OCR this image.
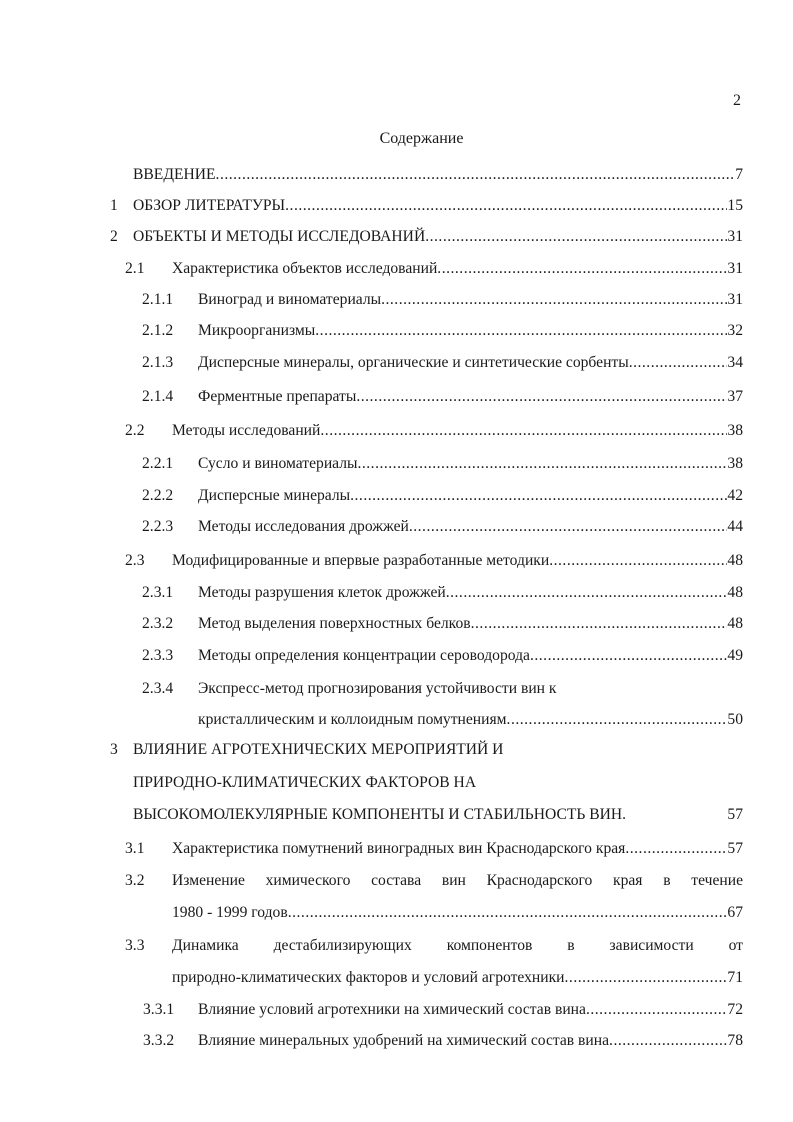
2
Содержание
ВВЕДЕНИЕ .....	7
1 ОБЗОР ЛИТЕРАТУРЫ .....	15
2 ОБЪЕКТЫ И МЕТОДЫ ИССЛЕДОВАНИЙ .....	31
2.1 Характеристика объектов исследований .....	31
2.1.1 Виноград и виноматериалы .....	31
2.1.2 Микроорганизмы .....	32
2.1.3 Дисперсные минералы, органические и синтетические сорбенты .....	34
2.1.4 Ферментные препараты .....	37
2.2 Методы исследований .....	38
2.2.1 Сусло и виноматериалы .....	38
2.2.2 Дисперсные минералы .....	42
2.2.3 Методы исследования дрожжей .....	44
2.3 Модифицированные и впервые разработанные методики .....	48
2.3.1 Методы разрушения клеток дрожжей .....	48
2.3.2 Метод выделения поверхностных белков .....	48
2.3.3 Методы определения концентрации сероводорода .....	49
2.3.4 Экспресс-метод прогнозирования устойчивости вин к
кристаллическим и коллоидным помутнениям .....	50
3 ВЛИЯНИЕ АГРОТЕХНИЧЕСКИХ МЕРОПРИЯТИЙ И
ПРИРОДНО-КЛИМАТИЧЕСКИХ ФАКТОРОВ НА
ВЫСОКОМОЛЕКУЛЯРНЫЕ КОМПОНЕНТЫ И СТАБИЛЬНОСТЬ ВИН.	57
3.1 Характеристика помутнений виноградных вин Краснодарского края .....	57
3.2 Изменение химического состава вин Краснодарского края в течение
1980 - 1999 годов .....	67
3.3 Динамика дестабилизирующих компонентов в зависимости от
природно-климатических факторов и условий агротехники .....	71
3.3.1 Влияние условий агротехники на химический состав вина .....	72
3.3.2 Влияние минеральных удобрений на химический состав вина .....	78
